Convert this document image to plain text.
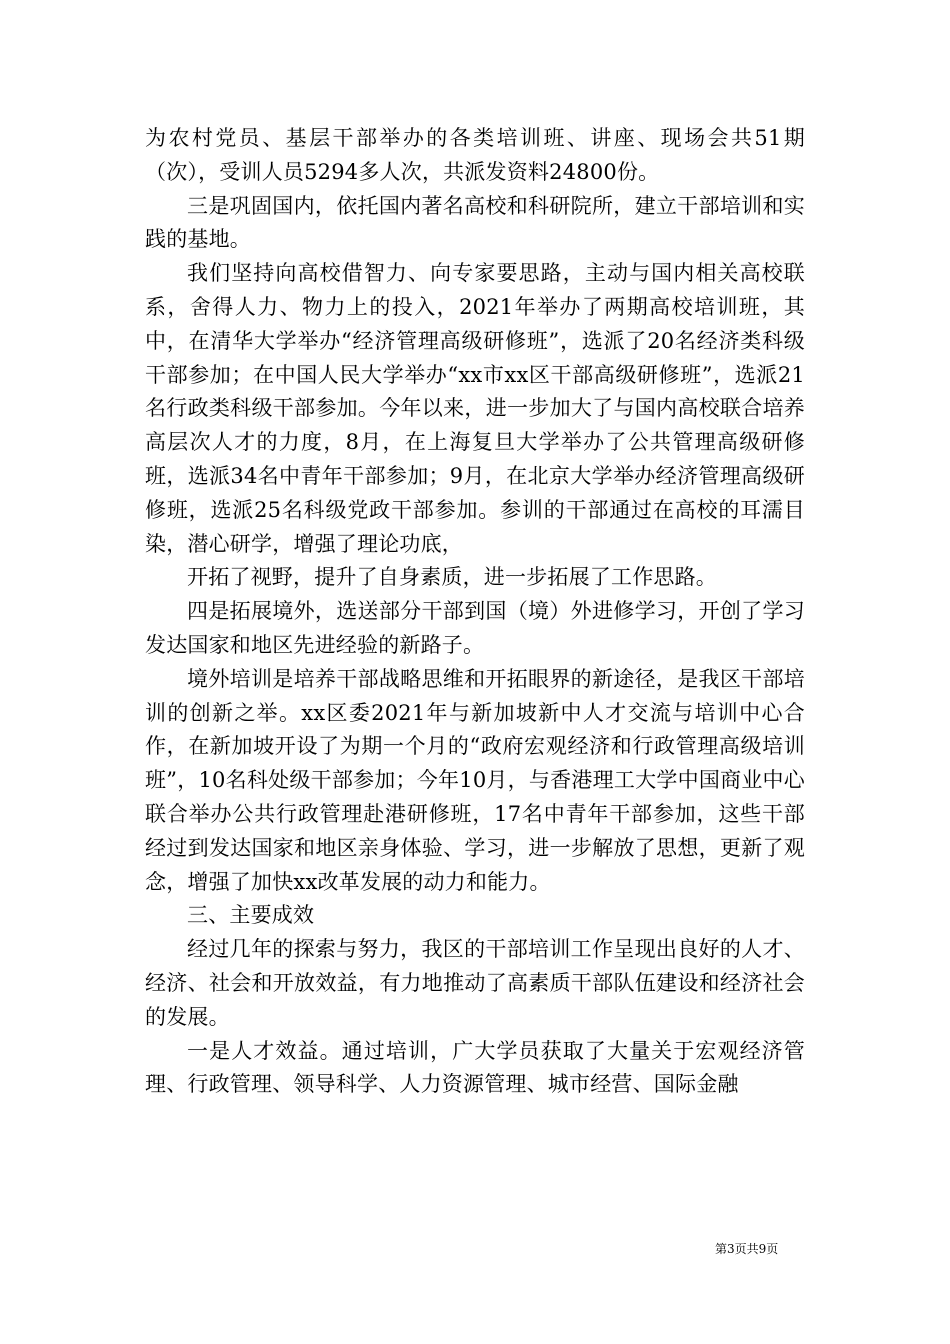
为农村党员、基层干部举办的各类培训班、讲座、现场会共51期（次），受训人员5294多人次，共派发资料24800份。

三是巩固国内，依托国内著名高校和科研院所，建立干部培训和实践的基地。

我们坚持向高校借智力、向专家要思路，主动与国内相关高校联系，舍得人力、物力上的投入，2021年举办了两期高校培训班，其中，在清华大学举办“经济管理高级研修班”，选派了20名经济类科级干部参加；在中国人民大学举办“xx市xx区干部高级研修班”，选派21名行政类科级干部参加。今年以来，进一步加大了与国内高校联合培养高层次人才的力度，8月，在上海复旦大学举办了公共管理高级研修班，选派34名中青年干部参加；9月，在北京大学举办经济管理高级研修班，选派25名科级党政干部参加。参训的干部通过在高校的耳濡目染，潜心研学，增强了理论功底，

开拓了视野，提升了自身素质，进一步拓展了工作思路。

四是拓展境外，选送部分干部到国（境）外进修学习，开创了学习发达国家和地区先进经验的新路子。

境外培训是培养干部战略思维和开拓眼界的新途径，是我区干部培训的创新之举。xx区委2021年与新加坡新中人才交流与培训中心合作，在新加坡开设了为期一个月的“政府宏观经济和行政管理高级培训班”，10名科处级干部参加；今年10月，与香港理工大学中国商业中心联合举办公共行政管理赴港研修班，17名中青年干部参加，这些干部经过到发达国家和地区亲身体验、学习，进一步解放了思想，更新了观念，增强了加快xx改革发展的动力和能力。

三、主要成效

经过几年的探索与努力，我区的干部培训工作呈现出良好的人才、经济、社会和开放效益，有力地推动了高素质干部队伍建设和经济社会的发展。

一是人才效益。通过培训，广大学员获取了大量关于宏观经济管理、行政管理、领导科学、人力资源管理、城市经营、国际金融

第3页共9页
